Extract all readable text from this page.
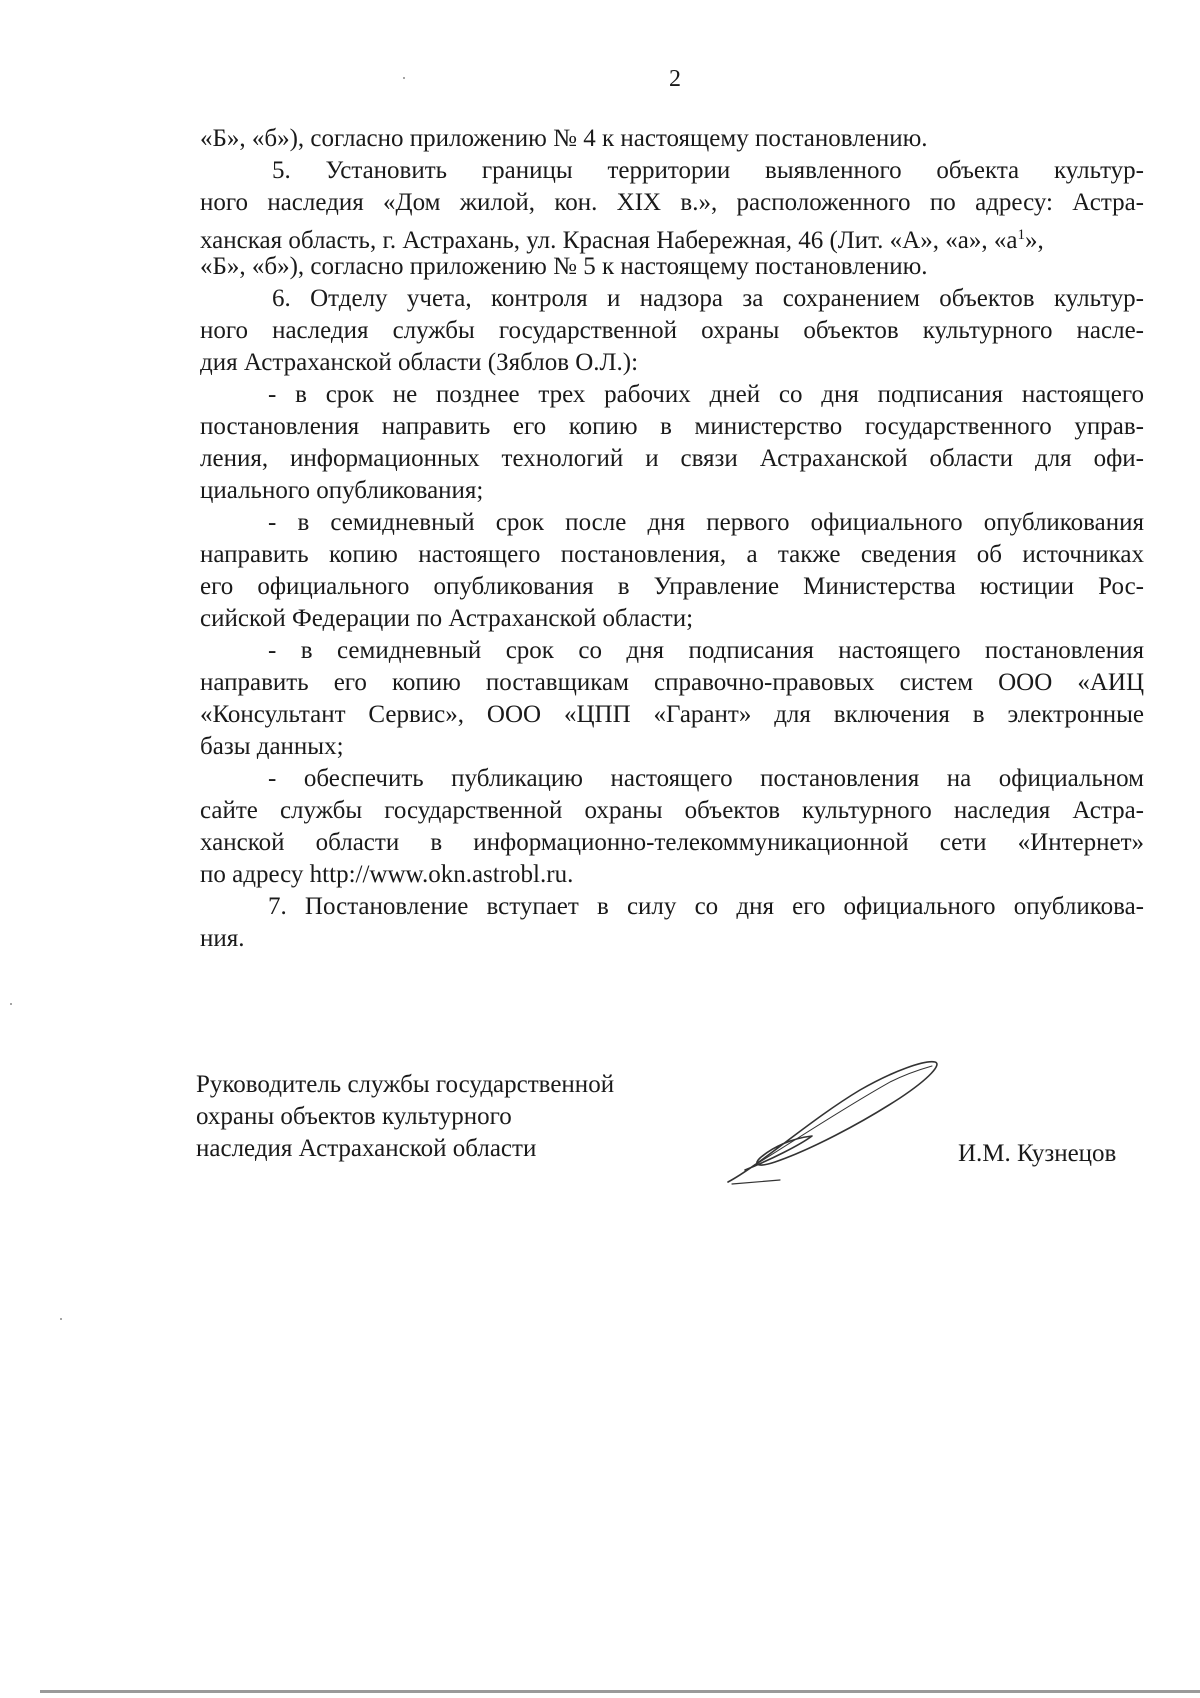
2
«Б», «б»), согласно приложению № 4 к настоящему постановлению.
5. Установить границы территории выявленного объекта культур-
ного наследия «Дом жилой, кон. XIX в.», расположенного по адресу: Астра-
ханская область, г. Астрахань, ул. Красная Набережная, 46 (Лит. «А», «а», «$а^1$»,
«Б», «б»), согласно приложению № 5 к настоящему постановлению.
6. Отделу учета, контроля и надзора за сохранением объектов культур-
ного наследия службы государственной охраны объектов культурного насле-
дия Астраханской области (Зяблов О.Л.):
- в срок не позднее трех рабочих дней со дня подписания настоящего
постановления направить его копию в министерство государственного управ-
ления, информационных технологий и связи Астраханской области для офи-
циального опубликования;
- в семидневный срок после дня первого официального опубликования
направить копию настоящего постановления, а также сведения об источниках
его официального опубликования в Управление Министерства юстиции Рос-
сийской Федерации по Астраханской области;
- в семидневный срок со дня подписания настоящего постановления
направить его копию поставщикам справочно-правовых систем ООО «АИЦ
«Консультант Сервис», ООО «ЦПП «Гарант» для включения в электронные
базы данных;
- обеспечить публикацию настоящего постановления на официальном
сайте службы государственной охраны объектов культурного наследия Астра-
ханской области в информационно-телекоммуникационной сети «Интернет»
по адресу http://www.okn.astrobl.ru.
7. Постановление вступает в силу со дня его официального опубликова-
ния.
Руководитель службы государственной
охраны объектов культурного
наследия Астраханской области	И.М. Кузнецов
